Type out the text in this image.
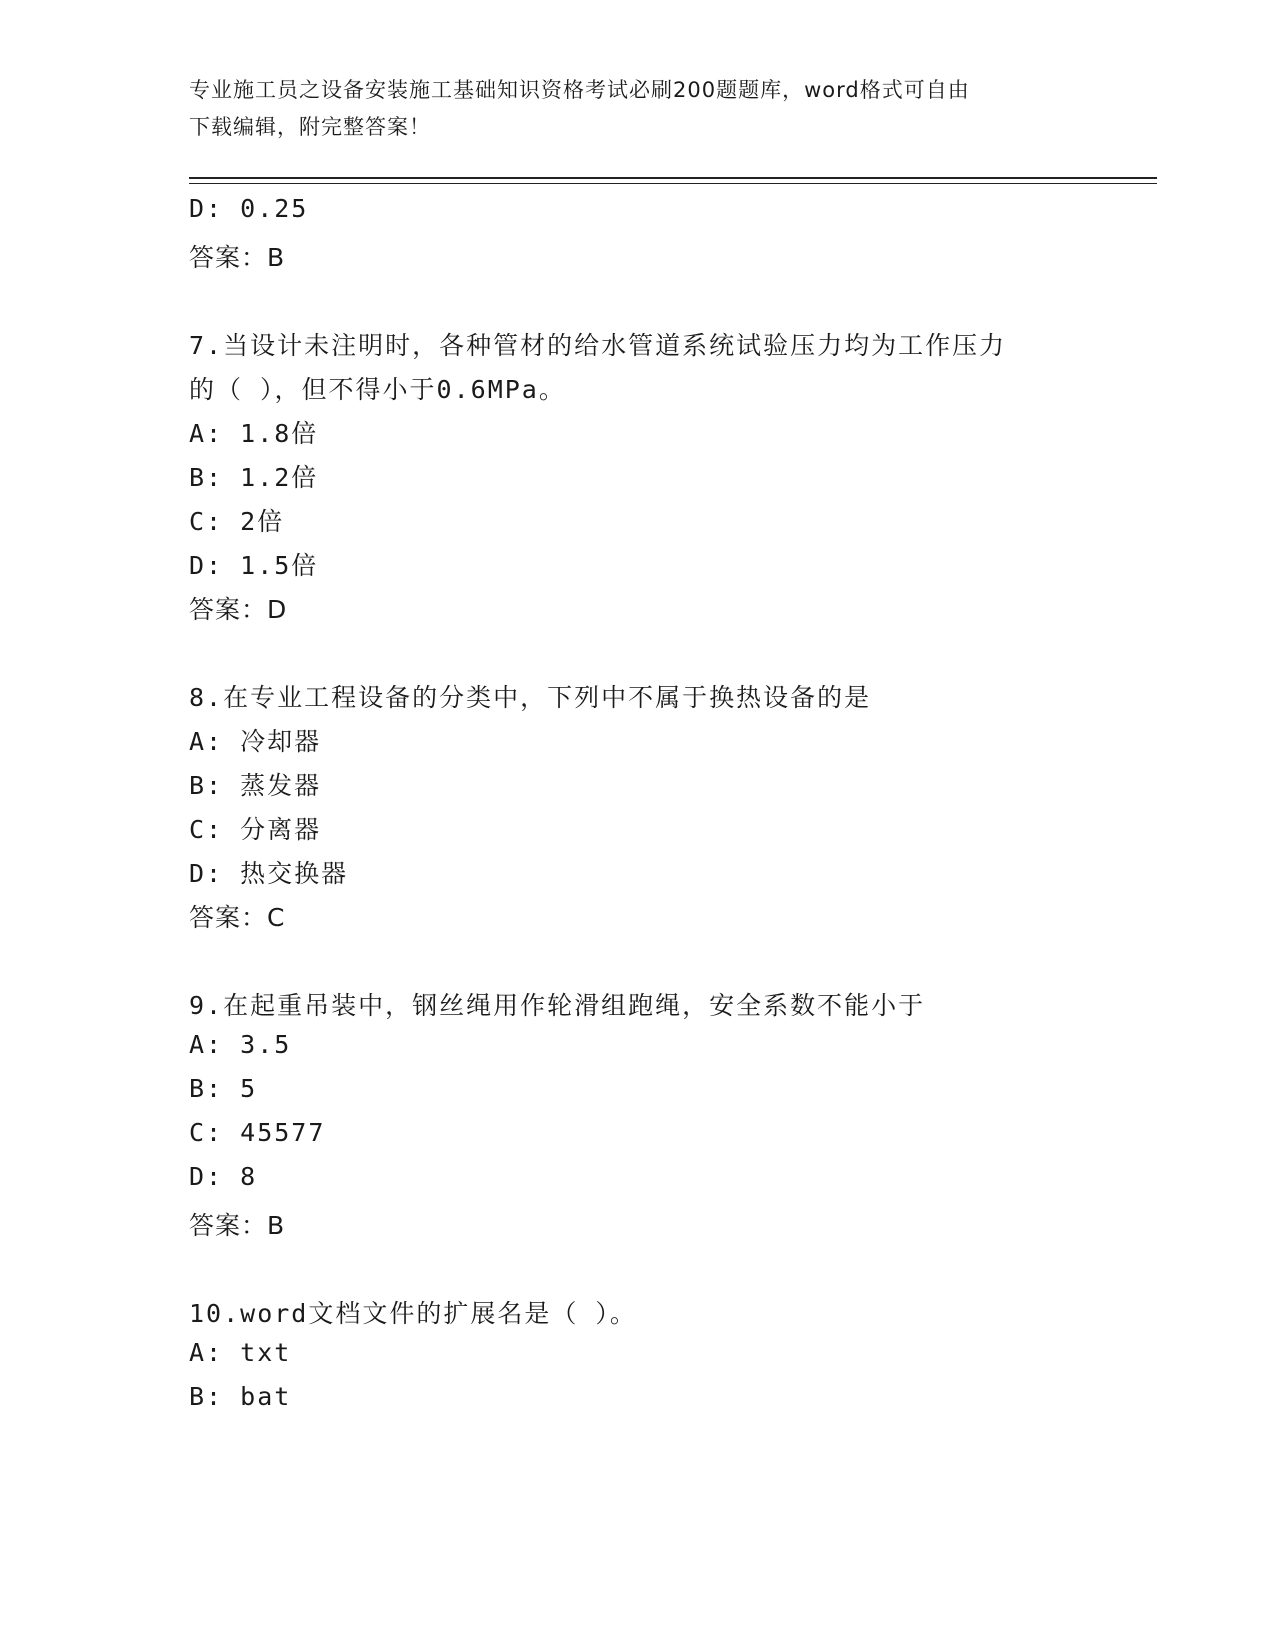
专业施工员之设备安装施工基础知识资格考试必刷200题题库，word格式可自由
下载编辑，附完整答案！
D: 0.25
答案：B
7.当设计未注明时，各种管材的给水管道系统试验压力均为工作压力
的（ ），但不得小于0.6MPa。
A: 1.8倍
B: 1.2倍
C: 2倍
D: 1.5倍
答案：D
8.在专业工程设备的分类中，下列中不属于换热设备的是
A: 冷却器
B: 蒸发器
C: 分离器
D: 热交换器
答案：C
9.在起重吊装中，钢丝绳用作轮滑组跑绳，安全系数不能小于
A: 3.5
B: 5
C: 45577
D: 8
答案：B
10.word文档文件的扩展名是（ ）。
A: txt
B: bat
